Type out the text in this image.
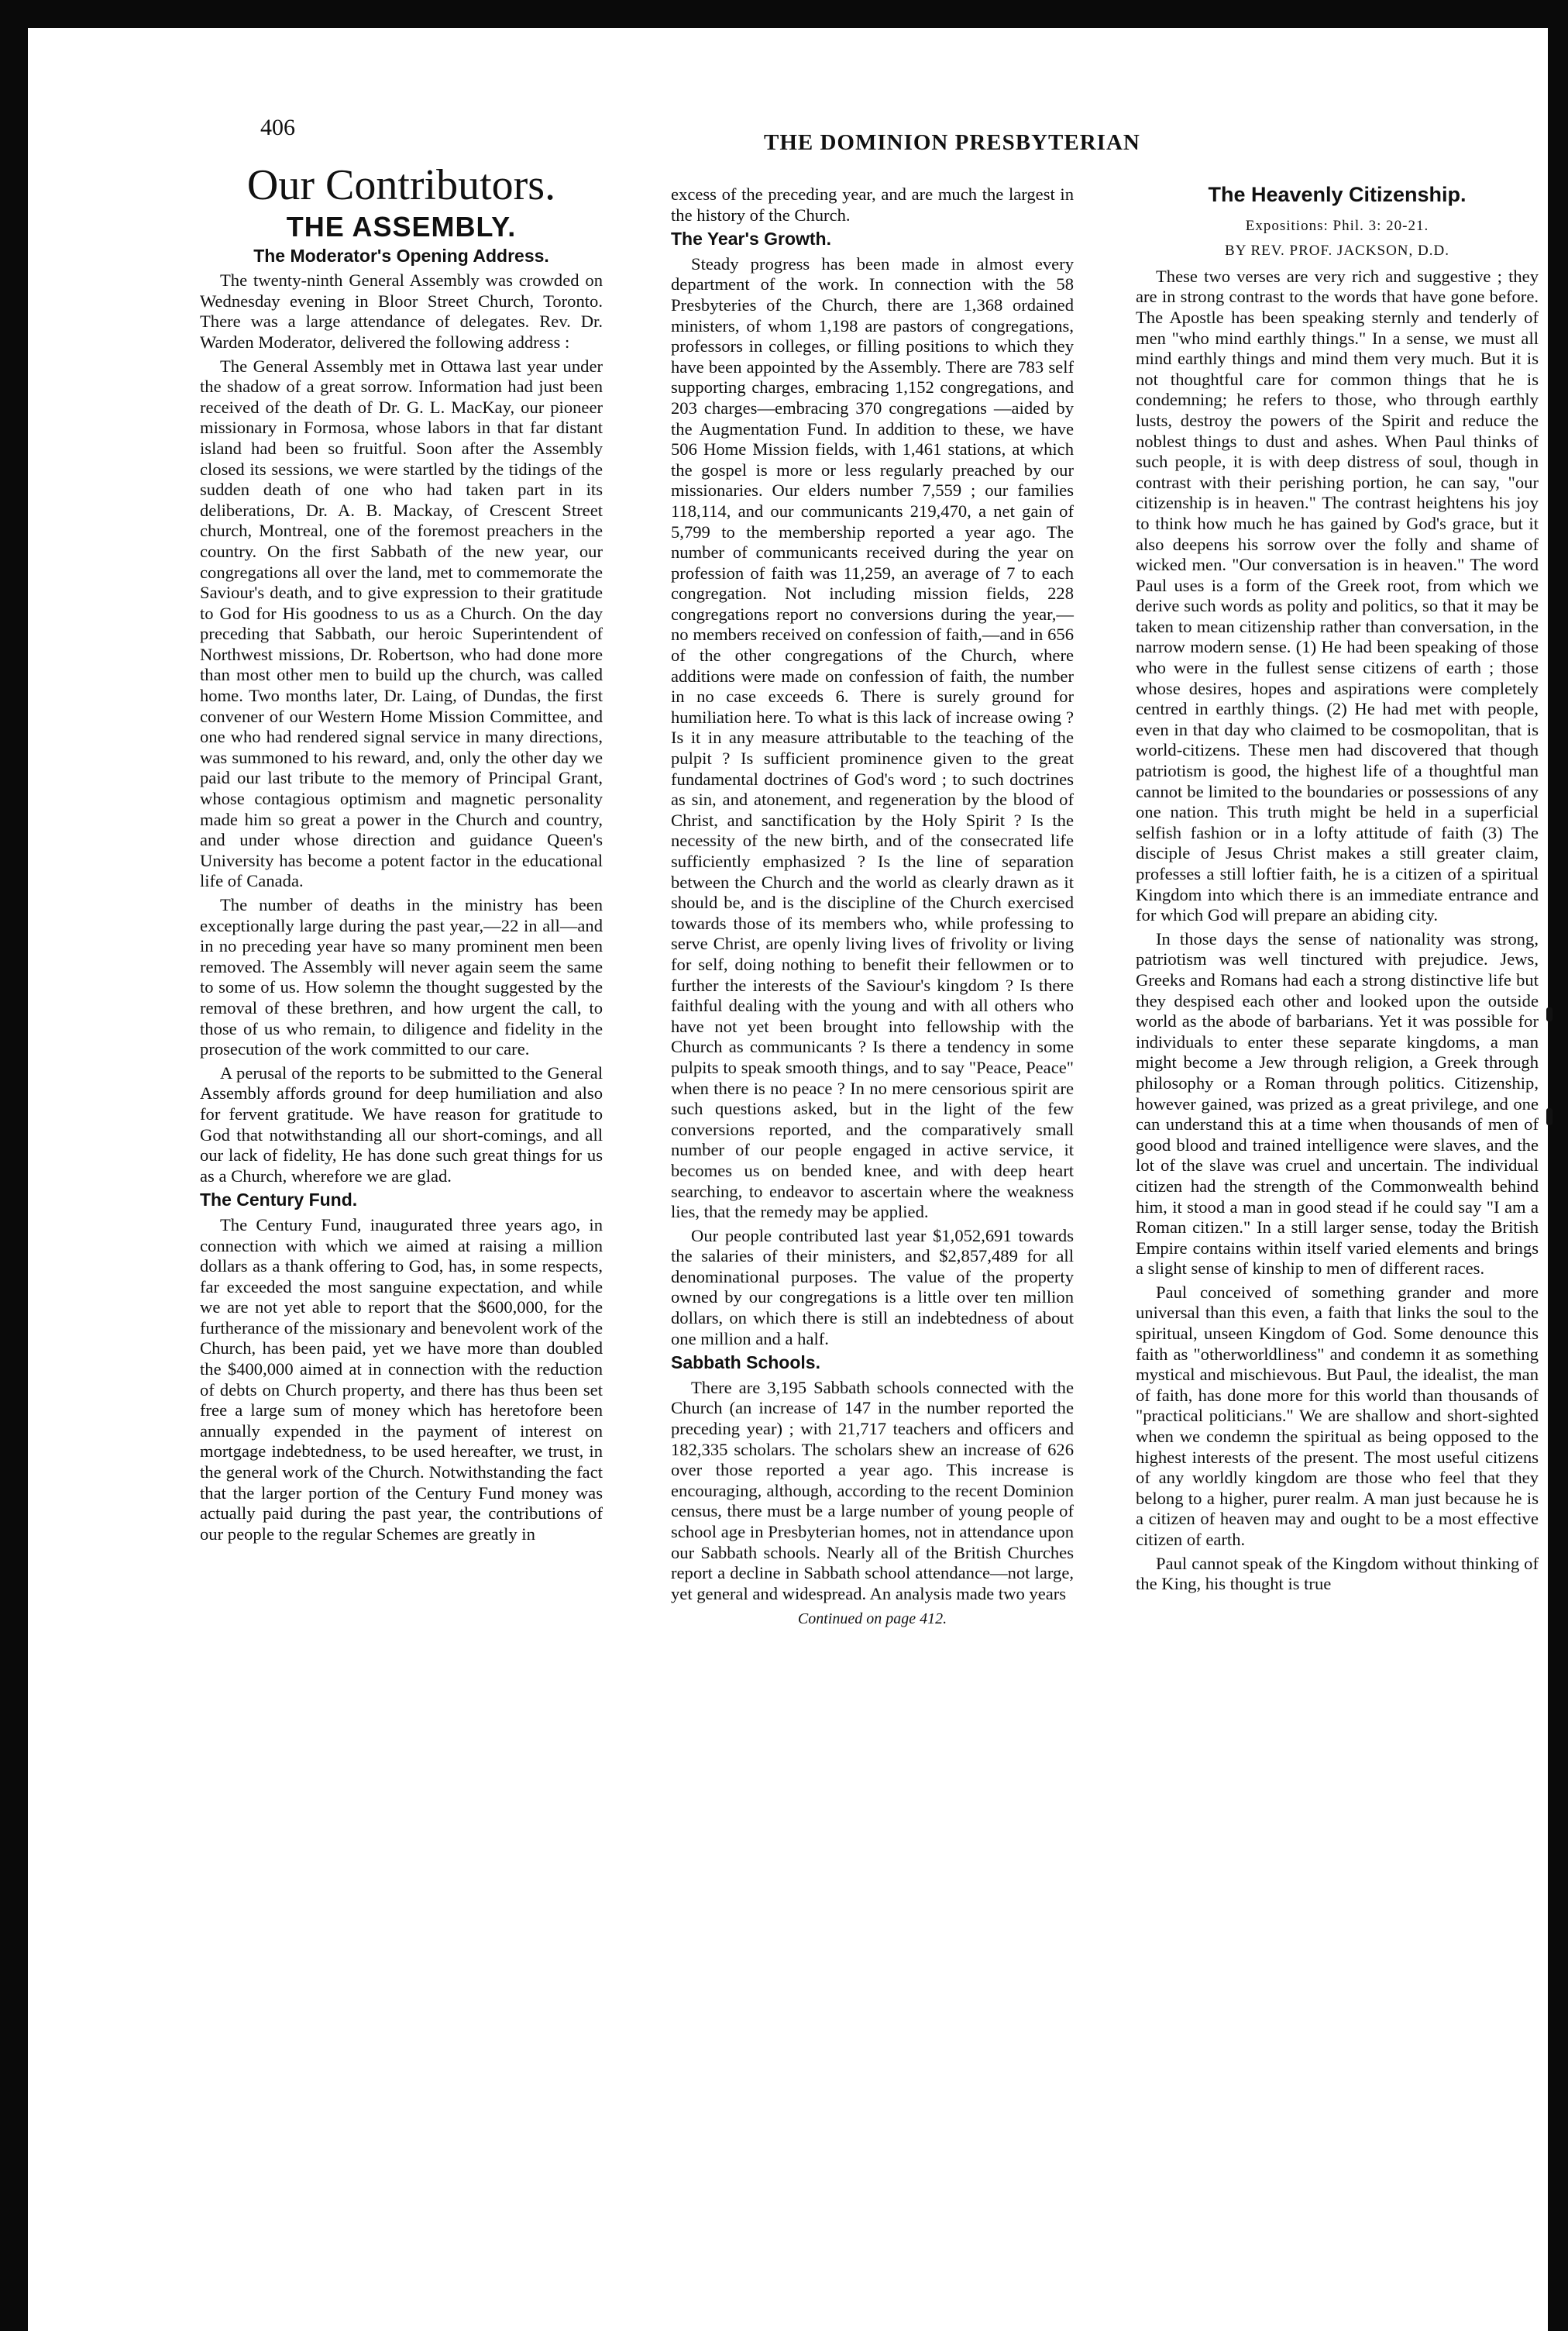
406
THE DOMINION PRESBYTERIAN
Our Contributors.
THE ASSEMBLY.
The Moderator's Opening Address.

The twenty-ninth General Assembly was crowded on Wednesday evening in Bloor Street Church, Toronto. There was a large attendance of delegates. Rev. Dr. Warden Moderator, delivered the following address :

The General Assembly met in Ottawa last year under the shadow of a great sorrow. Information had just been received of the death of Dr. G. L. MacKay, our pioneer missionary in Formosa, whose labors in that far distant island had been so fruitful. Soon after the Assembly closed its sessions, we were startled by the tidings of the sudden death of one who had taken part in its deliberations, Dr. A. B. Mackay, of Crescent Street church, Montreal, one of the foremost preachers in the country. On the first Sabbath of the new year, our congregations all over the land, met to commemorate the Saviour's death, and to give expression to their gratitude to God for His goodness to us as a Church. On the day preceding that Sabbath, our heroic Superintendent of Northwest missions, Dr. Robertson, who had done more than most other men to build up the church, was called home. Two months later, Dr. Laing, of Dundas, the first convener of our Western Home Mission Committee, and one who had rendered signal service in many directions, was summoned to his reward, and, only the other day we paid our last tribute to the memory of Principal Grant, whose contagious optimism and magnetic personality made him so great a power in the Church and country, and under whose direction and guidance Queen's University has become a potent factor in the educational life of Canada.

The number of deaths in the ministry has been exceptionally large during the past year,—22 in all—and in no preceding year have so many prominent men been removed. The Assembly will never again seem the same to some of us. How solemn the thought suggested by the removal of these brethren, and how urgent the call, to those of us who remain, to diligence and fidelity in the prosecution of the work committed to our care.

A perusal of the reports to be submitted to the General Assembly affords ground for deep humiliation and also for fervent gratitude. We have reason for gratitude to God that notwithstanding all our short-comings, and all our lack of fidelity, He has done such great things for us as a Church, wherefore we are glad.

The Century Fund.

The Century Fund, inaugurated three years ago, in connection with which we aimed at raising a million dollars as a thank offering to God, has, in some respects, far exceeded the most sanguine expectation, and while we are not yet able to report that the $600,000, for the furtherance of the missionary and benevolent work of the Church, has been paid, yet we have more than doubled the $400,000 aimed at in connection with the reduction of debts on Church property, and there has thus been set free a large sum of money which has heretofore been annually expended in the payment of interest on mortgage indebtedness, to be used hereafter, we trust, in the general work of the Church. Notwithstanding the fact that the larger portion of the Century Fund money was actually paid during the past year, the contributions of our people to the regular Schemes are greatly in

excess of the preceding year, and are much the largest in the history of the Church.

The Year's Growth.

Steady progress has been made in almost every department of the work. In connection with the 58 Presbyteries of the Church, there are 1,368 ordained ministers, of whom 1,198 are pastors of congregations, professors in colleges, or filling positions to which they have been appointed by the Assembly. There are 783 self supporting charges, embracing 1,152 congregations, and 203 charges—embracing 370 congregations —aided by the Augmentation Fund. In addition to these, we have 506 Home Mission fields, with 1,461 stations, at which the gospel is more or less regularly preached by our missionaries. Our elders number 7,559 ; our families 118,114, and our communicants 219,470, a net gain of 5,799 to the membership reported a year ago. The number of communicants received during the year on profession of faith was 11,259, an average of 7 to each congregation. Not including mission fields, 228 congregations report no conversions during the year,—no members received on confession of faith,—and in 656 of the other congregations of the Church, where additions were made on confession of faith, the number in no case exceeds 6. There is surely ground for humiliation here. To what is this lack of increase owing ? Is it in any measure attributable to the teaching of the pulpit ? Is sufficient prominence given to the great fundamental doctrines of God's word ; to such doctrines as sin, and atonement, and regeneration by the blood of Christ, and sanctification by the Holy Spirit ? Is the necessity of the new birth, and of the consecrated life sufficiently emphasized ? Is the line of separation between the Church and the world as clearly drawn as it should be, and is the discipline of the Church exercised towards those of its members who, while professing to serve Christ, are openly living lives of frivolity or living for self, doing nothing to benefit their fellowmen or to further the interests of the Saviour's kingdom ? Is there faithful dealing with the young and with all others who have not yet been brought into fellowship with the Church as communicants ? Is there a tendency in some pulpits to speak smooth things, and to say "Peace, Peace" when there is no peace ? In no mere censorious spirit are such questions asked, but in the light of the few conversions reported, and the comparatively small number of our people engaged in active service, it becomes us on bended knee, and with deep heart searching, to endeavor to ascertain where the weakness lies, that the remedy may be applied.

Our people contributed last year $1,052,691 towards the salaries of their ministers, and $2,857,489 for all denominational purposes. The value of the property owned by our congregations is a little over ten million dollars, on which there is still an indebtedness of about one million and a half.

Sabbath Schools.

There are 3,195 Sabbath schools connected with the Church (an increase of 147 in the number reported the preceding year) ; with 21,717 teachers and officers and 182,335 scholars. The scholars shew an increase of 626 over those reported a year ago. This increase is encouraging, although, according to the recent Dominion census, there must be a large number of young people of school age in Presbyterian homes, not in attendance upon our Sabbath schools. Nearly all of the British Churches report a decline in Sabbath school attendance—not large, yet general and widespread. An analysis made two years

Continued on page 412.
The Heavenly Citizenship.
Expositions: Phil. 3: 20-21.
BY REV. PROF. JACKSON, D.D.

These two verses are very rich and suggestive ; they are in strong contrast to the words that have gone before. The Apostle has been speaking sternly and tenderly of men "who mind earthly things." In a sense, we must all mind earthly things and mind them very much. But it is not thoughtful care for common things that he is condemning; he refers to those, who through earthly lusts, destroy the powers of the Spirit and reduce the noblest things to dust and ashes. When Paul thinks of such people, it is with deep distress of soul, though in contrast with their perishing portion, he can say, "our citizenship is in heaven." The contrast heightens his joy to think how much he has gained by God's grace, but it also deepens his sorrow over the folly and shame of wicked men. "Our conversation is in heaven." The word Paul uses is a form of the Greek root, from which we derive such words as polity and politics, so that it may be taken to mean citizenship rather than conversation, in the narrow modern sense. (1) He had been speaking of those who were in the fullest sense citizens of earth ; those whose desires, hopes and aspirations were completely centred in earthly things. (2) He had met with people, even in that day who claimed to be cosmopolitan, that is world-citizens. These men had discovered that though patriotism is good, the highest life of a thoughtful man cannot be limited to the boundaries or possessions of any one nation. This truth might be held in a superficial selfish fashion or in a lofty attitude of faith (3) The disciple of Jesus Christ makes a still greater claim, professes a still loftier faith, he is a citizen of a spiritual Kingdom into which there is an immediate entrance and for which God will prepare an abiding city.

In those days the sense of nationality was strong, patriotism was well tinctured with prejudice. Jews, Greeks and Romans had each a strong distinctive life but they despised each other and looked upon the outside world as the abode of barbarians. Yet it was possible for individuals to enter these separate kingdoms, a man might become a Jew through religion, a Greek through philosophy or a Roman through politics. Citizenship, however gained, was prized as a great privilege, and one can understand this at a time when thousands of men of good blood and trained intelligence were slaves, and the lot of the slave was cruel and uncertain. The individual citizen had the strength of the Commonwealth behind him, it stood a man in good stead if he could say "I am a Roman citizen." In a still larger sense, today the British Empire contains within itself varied elements and brings a slight sense of kinship to men of different races.

Paul conceived of something grander and more universal than this even, a faith that links the soul to the spiritual, unseen Kingdom of God. Some denounce this faith as "otherworldliness" and condemn it as something mystical and mischievous. But Paul, the idealist, the man of faith, has done more for this world than thousands of "practical politicians." We are shallow and short-sighted when we condemn the spiritual as being opposed to the highest interests of the present. The most useful citizens of any worldly kingdom are those who feel that they belong to a higher, purer realm. A man just because he is a citizen of heaven may and ought to be a most effective citizen of earth.

Paul cannot speak of the Kingdom without thinking of the King, his thought is true
